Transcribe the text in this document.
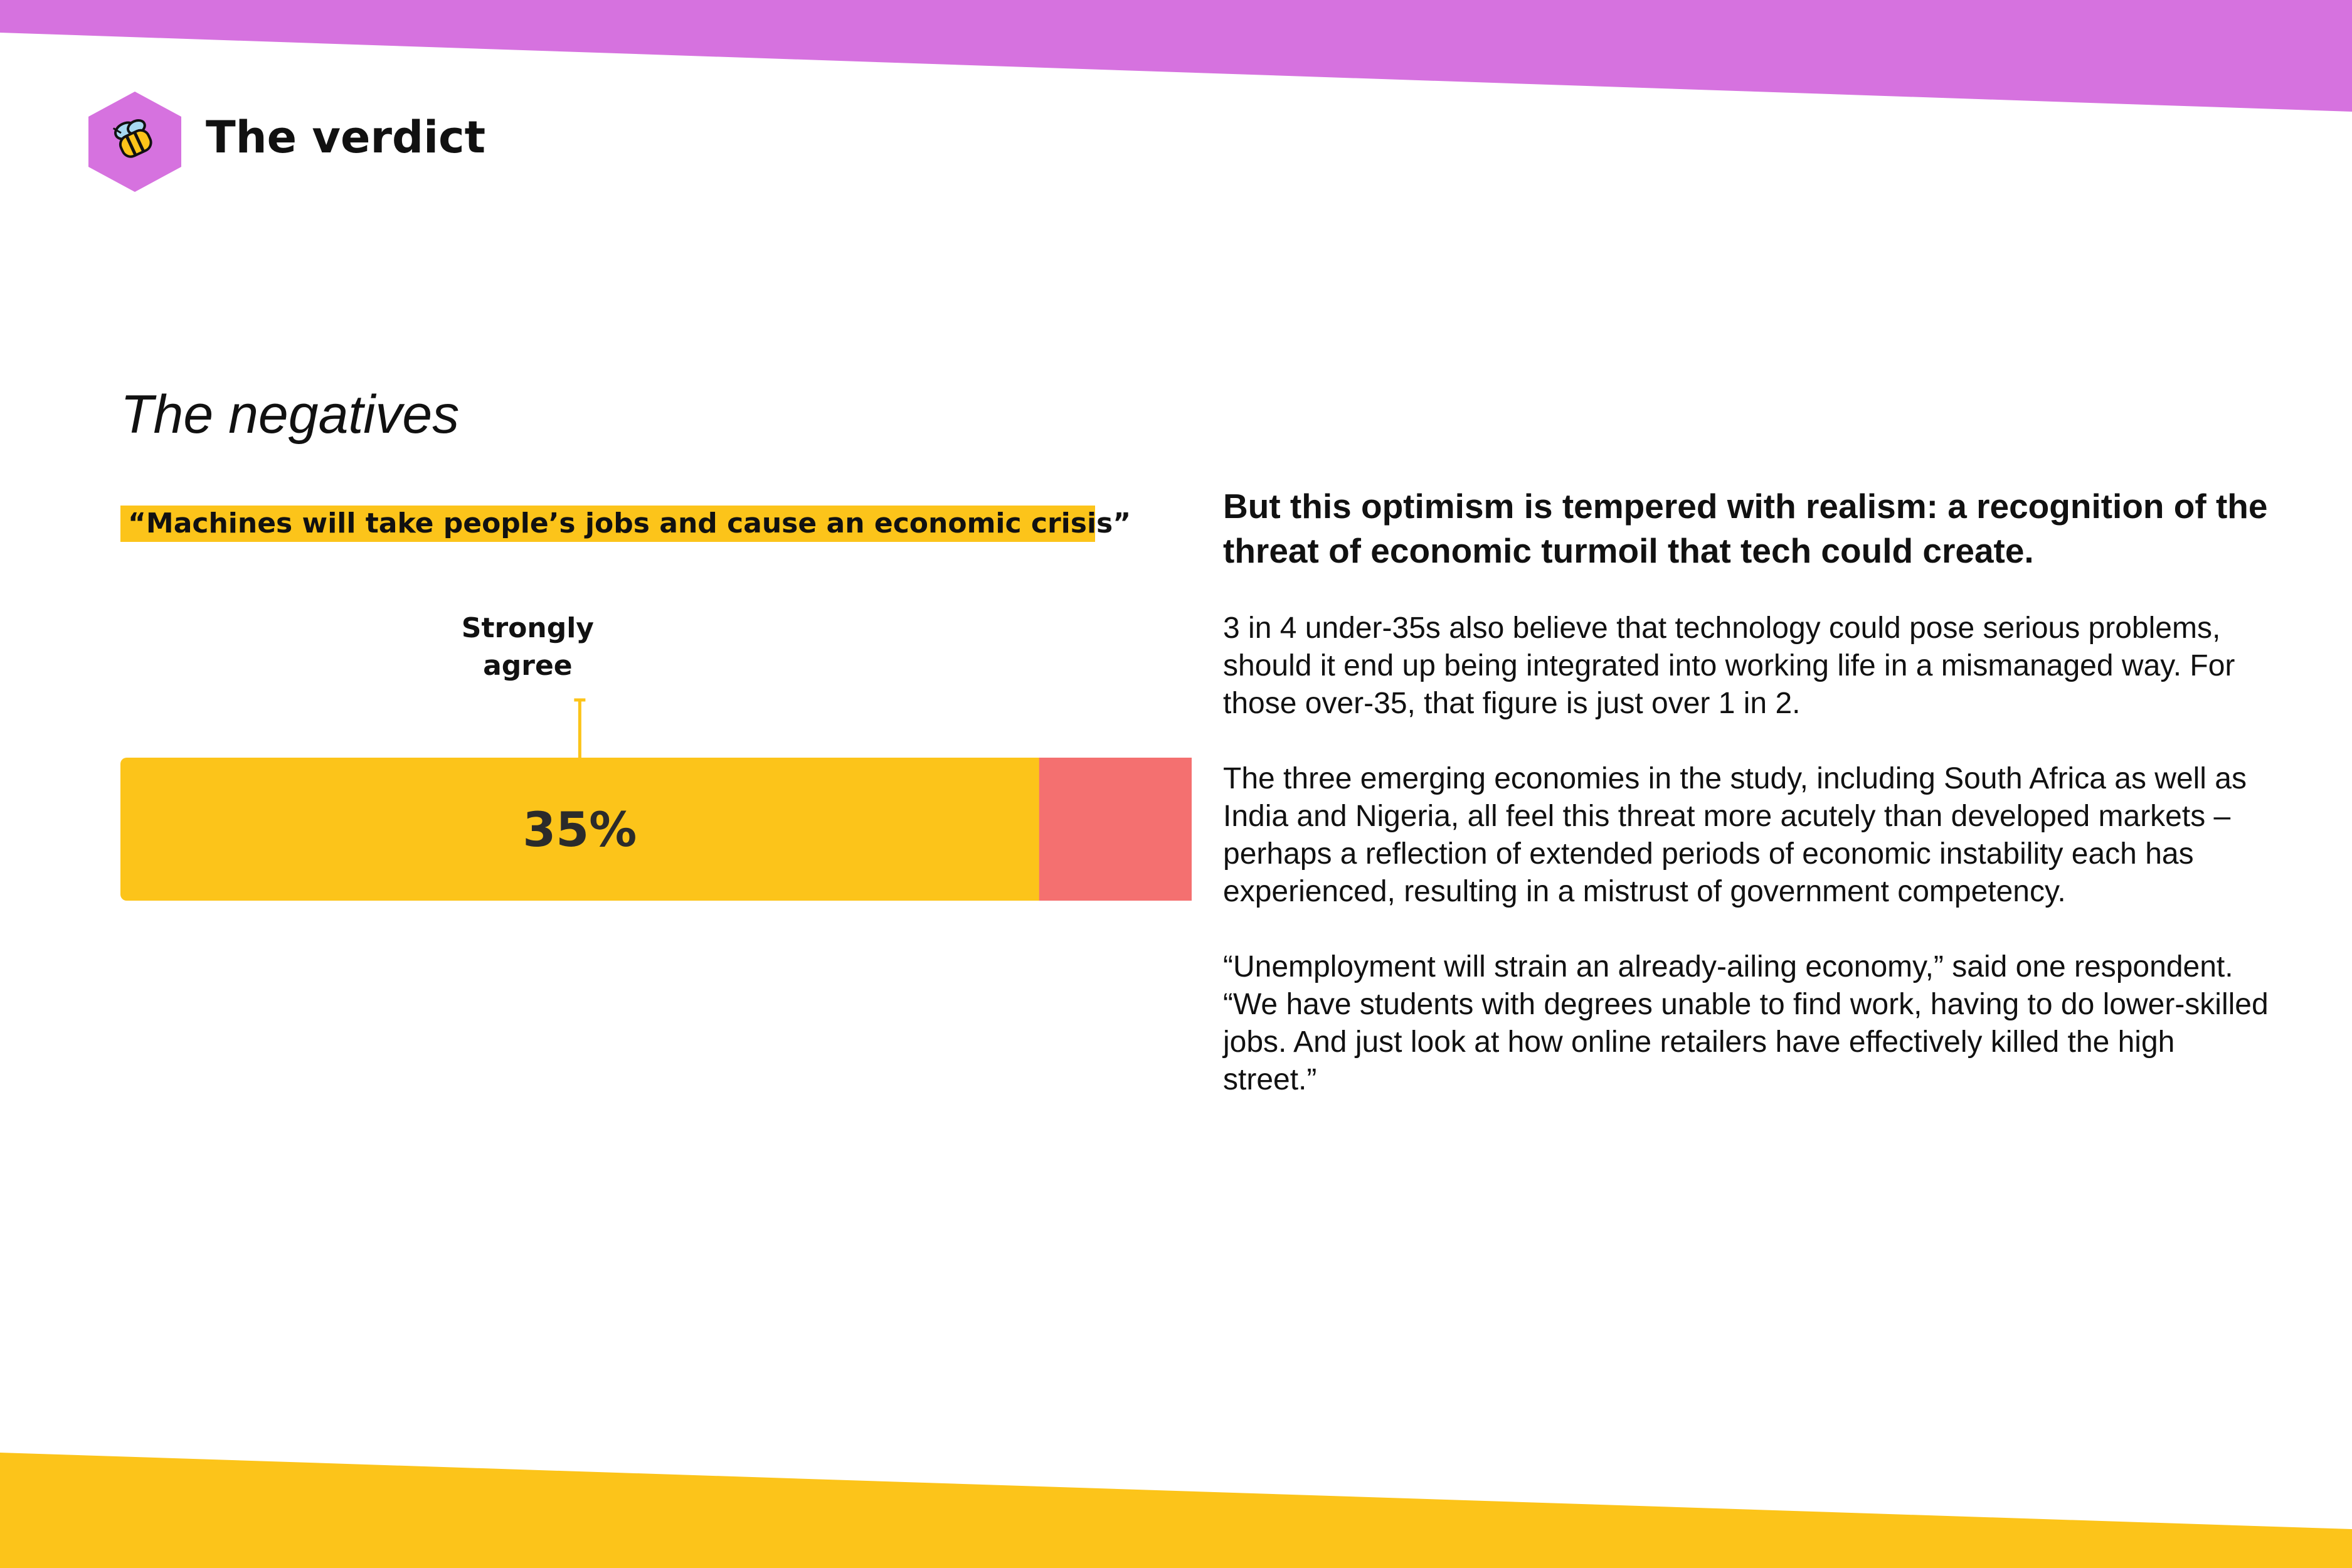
The verdict
The negatives
“Machines will take people’s jobs and cause an economic crisis”
35%
Strongly agree
But this optimism is tempered with realism: a recognition of the threat of economic turmoil that tech could create.
3 in 4 under-35s also believe that technology could pose serious problems, should it end up being integrated into working life in a mismanaged way. For those over-35, that figure is just over 1 in 2.
The three emerging economies in the study, including South Africa as well as India and Nigeria, all feel this threat more acutely than developed markets – perhaps a reflection of extended periods of economic instability each has experienced, resulting in a mistrust of government competency.
“Unemployment will strain an already-ailing economy,” said one respondent. “We have students with degrees unable to find work, having to do lower-skilled jobs. And just look at how online retailers have effectively killed the high street.”
